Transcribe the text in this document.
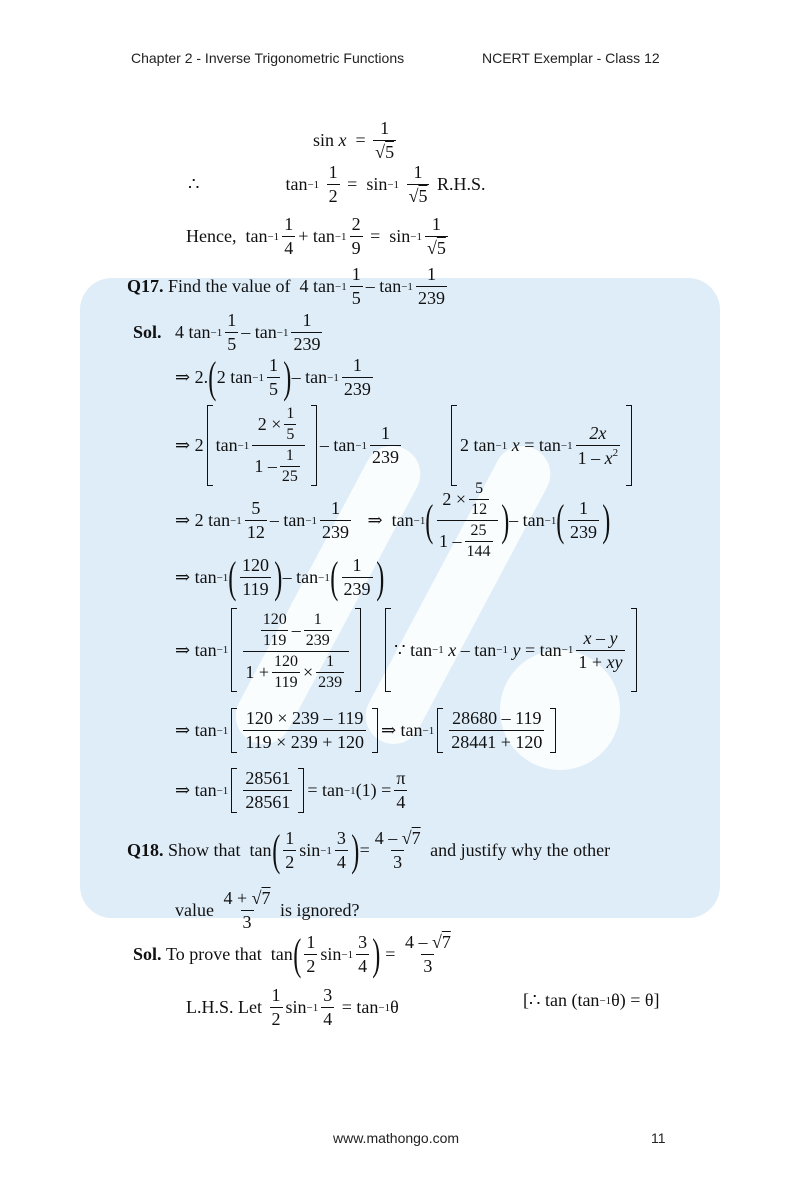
Chapter 2 - Inverse Trigonometric Functions	NCERT Exemplar - Class 12
sin x =
1
√5
∴	tan −1

1
2
=  sin −1

1
√5

R.H.S.
Hence, tan −1
1
4
+ tan −1
2
9
=  sin −1
1
√5
Q17.
Find the value of 4 tan −1
1
5
– tan −1
1
239
Sol. 4 tan −1
1
5
– tan −1
1
239
⇒ 2. ( 2 tan −1
1
5 ) – tan −1
1
239
⇒ 2
tan −1
2 ×
1
5
1 –
1
25
– tan −1
1
239
2 tan −1
x = tan −1
2x
$1 - x^2$
⇒ 2 tan −1
5
12
– tan −1
1
239

⇒ tan −1 ( 2 ×
5
12
1 –
25
144
) – tan −1 ( 1
239 )
⇒ tan −1 ( 120
119 ) – tan −1 ( 1
239 )
⇒ tan −1
120
119
–
1
239
1 +
120
119
×
1
239
∵ tan −1
x – tan −1
y = tan −1
x – y
1 + xy
⇒ tan −1
120 × 239 – 119
119 × 239 + 120
⇒ tan −1
28680 – 119
28441 + 120
⇒ tan −1
28561
28561
= tan −1 (1) =
π
4
Q18.
Show that tan ( 1
2
sin −1
3
4 ) =
4 – √7
3

and justify why the other
value

4 + √7
3

is ignored?
Sol.
To prove that tan ( 1
2
sin −1
3
4 ) =
4 – √7
3
L.H.S. Let

1
2
sin −1
3
4
= tan −1 θ	[ ∴ tan (tan −1 θ) = θ]
www.mathongo.com	11
